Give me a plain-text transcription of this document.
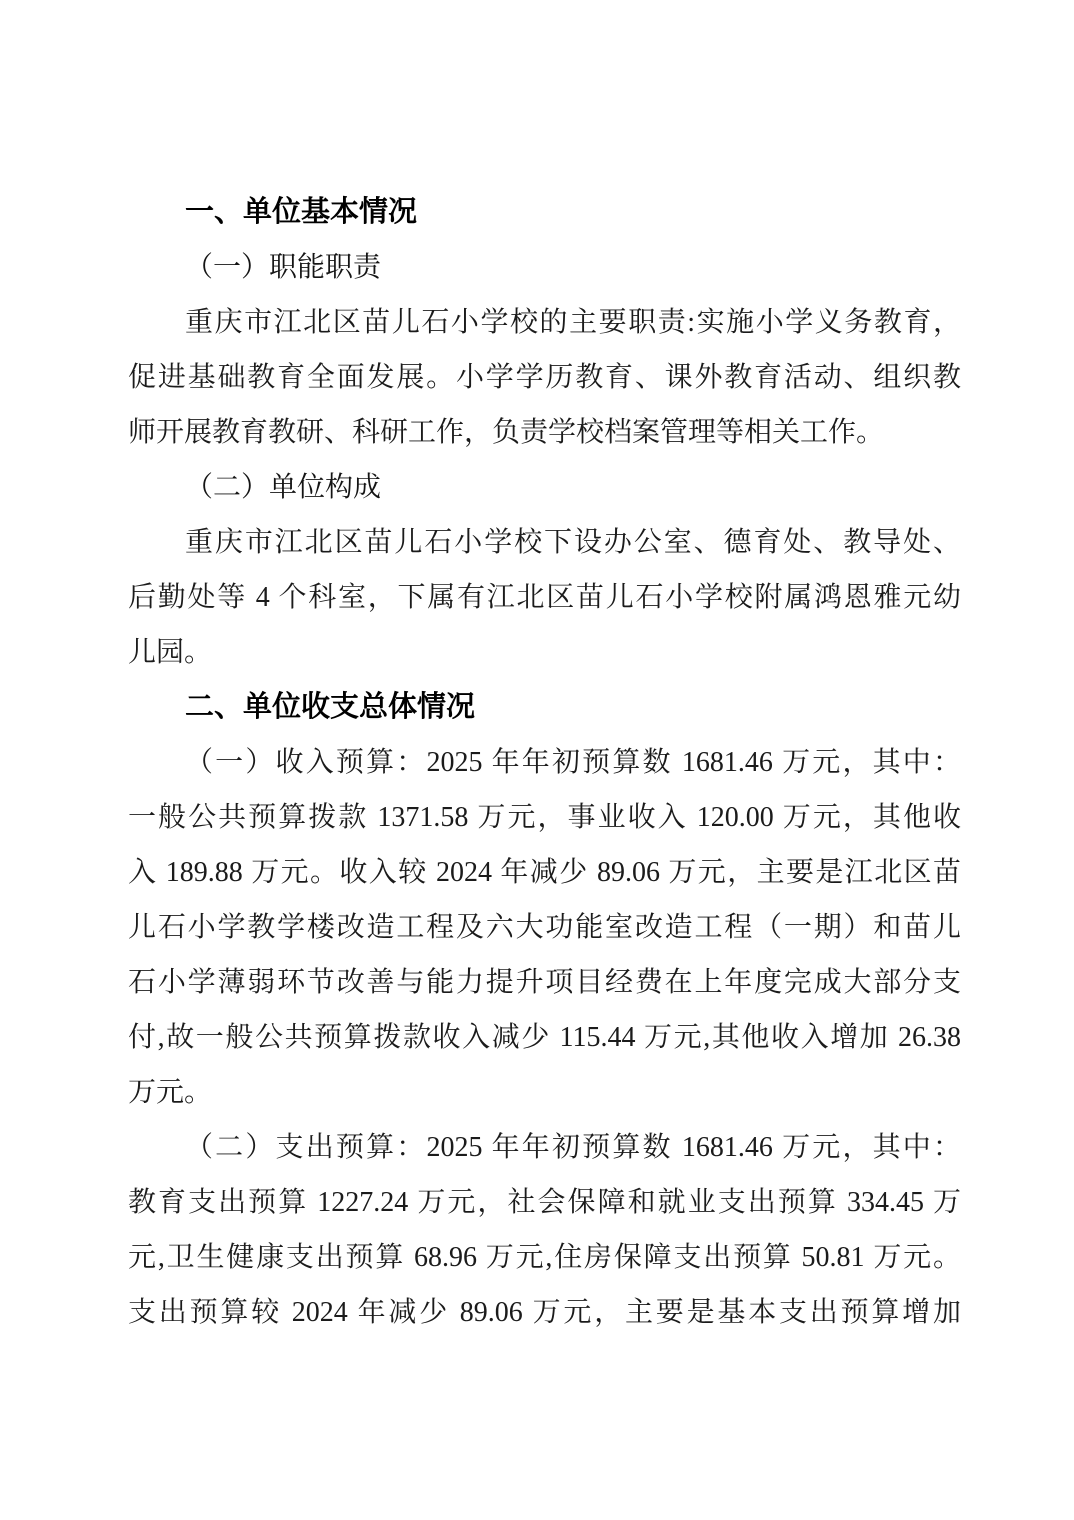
一、单位基本情况
（一）职能职责
重庆市江北区苗儿石小学校的主要职责:实施小学义务教育，
促进基础教育全面发展。小学学历教育、课外教育活动、组织教
师开展教育教研、科研工作，负责学校档案管理等相关工作。
（二）单位构成
重庆市江北区苗儿石小学校下设办公室、德育处、教导处、
后勤处等 4 个科室，下属有江北区苗儿石小学校附属鸿恩雅元幼
儿园。
二、单位收支总体情况
（一）收入预算：2025 年年初预算数 1681.46 万元，其中：
一般公共预算拨款 1371.58 万元，事业收入 120.00 万元，其他收
入 189.88 万元。收入较 2024 年减少 89.06 万元，主要是江北区苗
儿石小学教学楼改造工程及六大功能室改造工程（一期）和苗儿
石小学薄弱环节改善与能力提升项目经费在上年度完成大部分支
付,故一般公共预算拨款收入减少 115.44 万元,其他收入增加 26.38
万元。
（二）支出预算：2025 年年初预算数 1681.46 万元，其中：
教育支出预算 1227.24 万元，社会保障和就业支出预算 334.45 万
元,卫生健康支出预算 68.96 万元,住房保障支出预算 50.81 万元。
支出预算较 2024 年减少 89.06 万元，主要是基本支出预算增加
